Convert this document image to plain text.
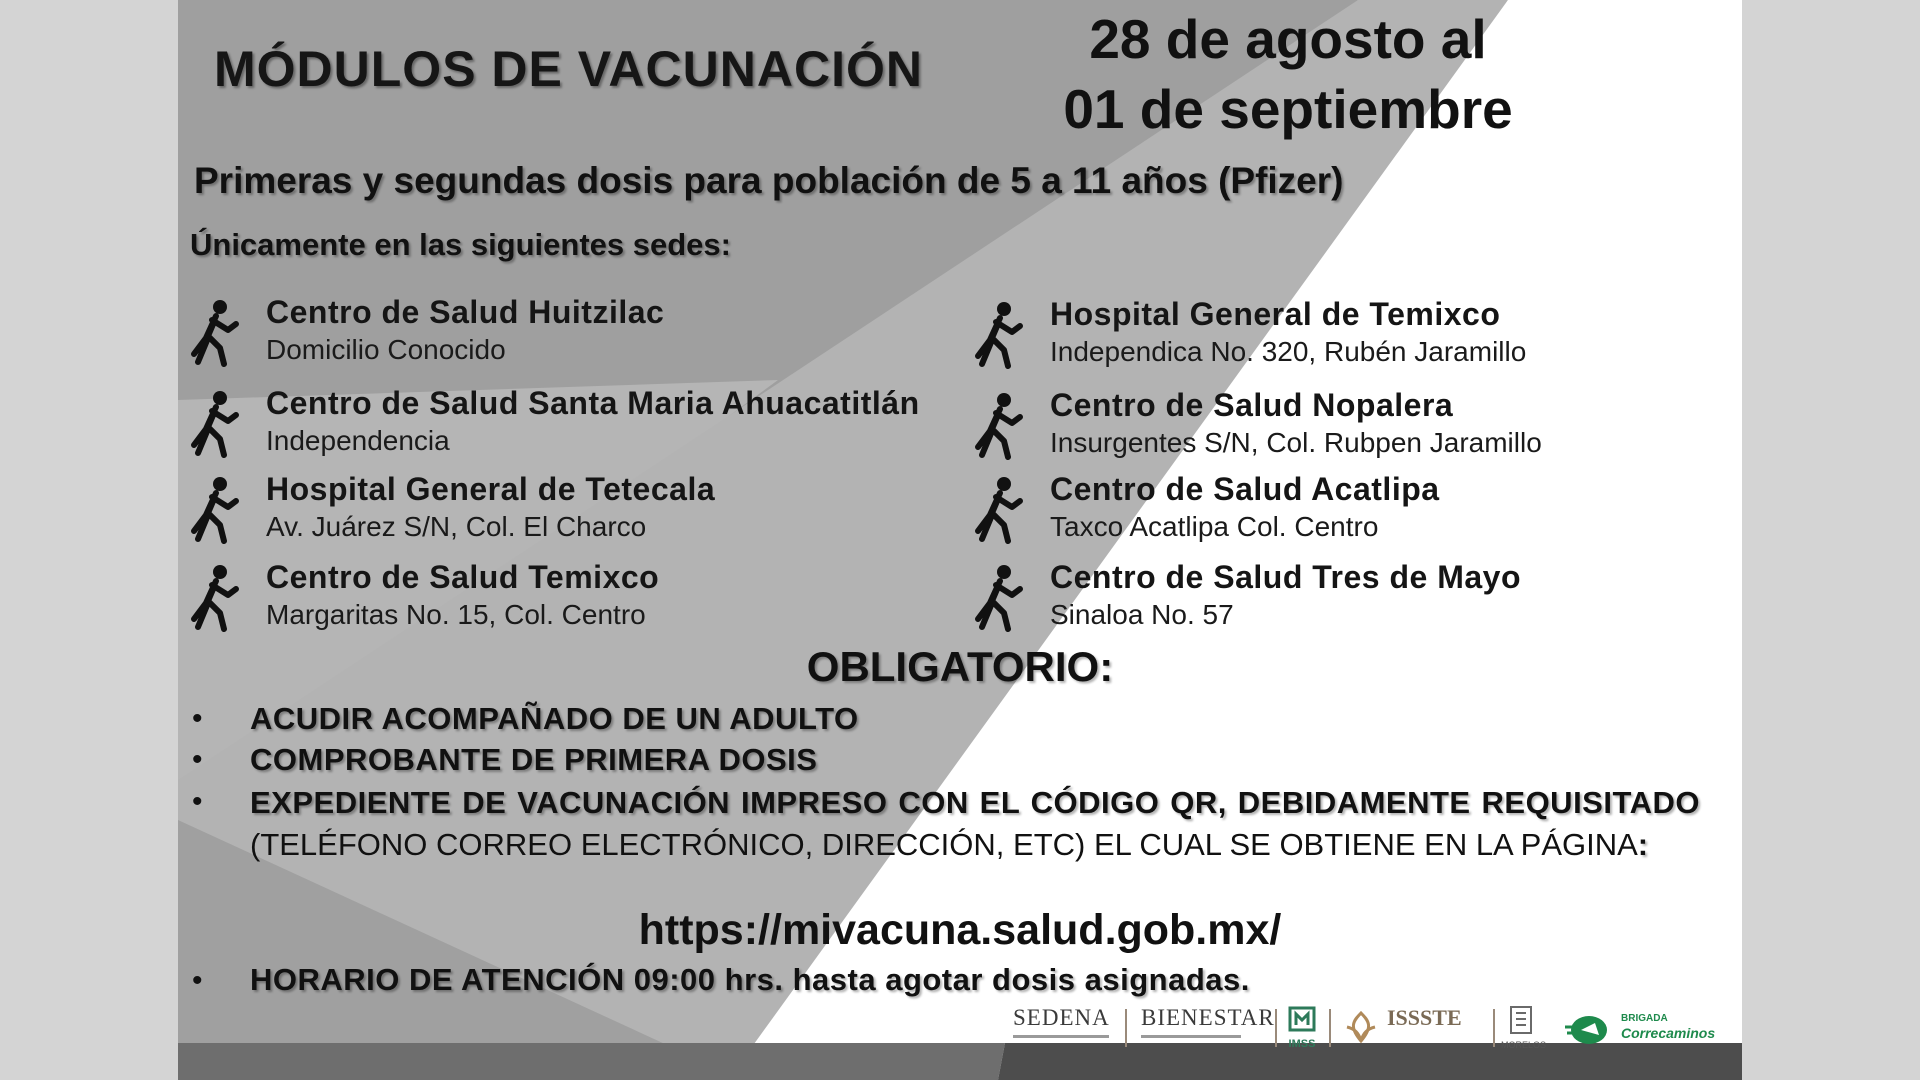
MÓDULOS DE VACUNACIÓN	28 de agosto al
01 de septiembre
Primeras y segundas dosis para población de 5 a 11 años (Pfizer)
Únicamente en las siguientes sedes:
Centro de Salud Huitzilac
Domicilio Conocido
Centro de Salud Santa Maria Ahuacatitlán
Independencia
Hospital General de Tetecala
Av. Juárez S/N, Col. El Charco
Centro de Salud Temixco
Margaritas No. 15, Col. Centro
Hospital General de Temixco
Independica No. 320, Rubén Jaramillo
Centro de Salud Nopalera
Insurgentes S/N, Col. Rubpen Jaramillo
Centro de Salud Acatlipa
Taxco Acatlipa Col. Centro
Centro de Salud Tres de Mayo
Sinaloa No. 57
OBLIGATORIO:
• ACUDIR ACOMPAÑADO DE UN ADULTO
• COMPROBANTE DE PRIMERA DOSIS
• EXPEDIENTE DE VACUNACIÓN IMPRESO CON EL CÓDIGO QR, DEBIDAMENTE REQUISITADO (TELÉFONO CORREO ELECTRÓNICO, DIRECCIÓN, ETC) EL CUAL SE OBTIENE EN LA PÁGINA:
https://mivacuna.salud.gob.mx/
• HORARIO DE ATENCIÓN 09:00 hrs. hasta agotar dosis asignadas.
SEDENA BIENESTAR
IMSS
ISSSTE
MORELOS
BRIGADA
Correcaminos
